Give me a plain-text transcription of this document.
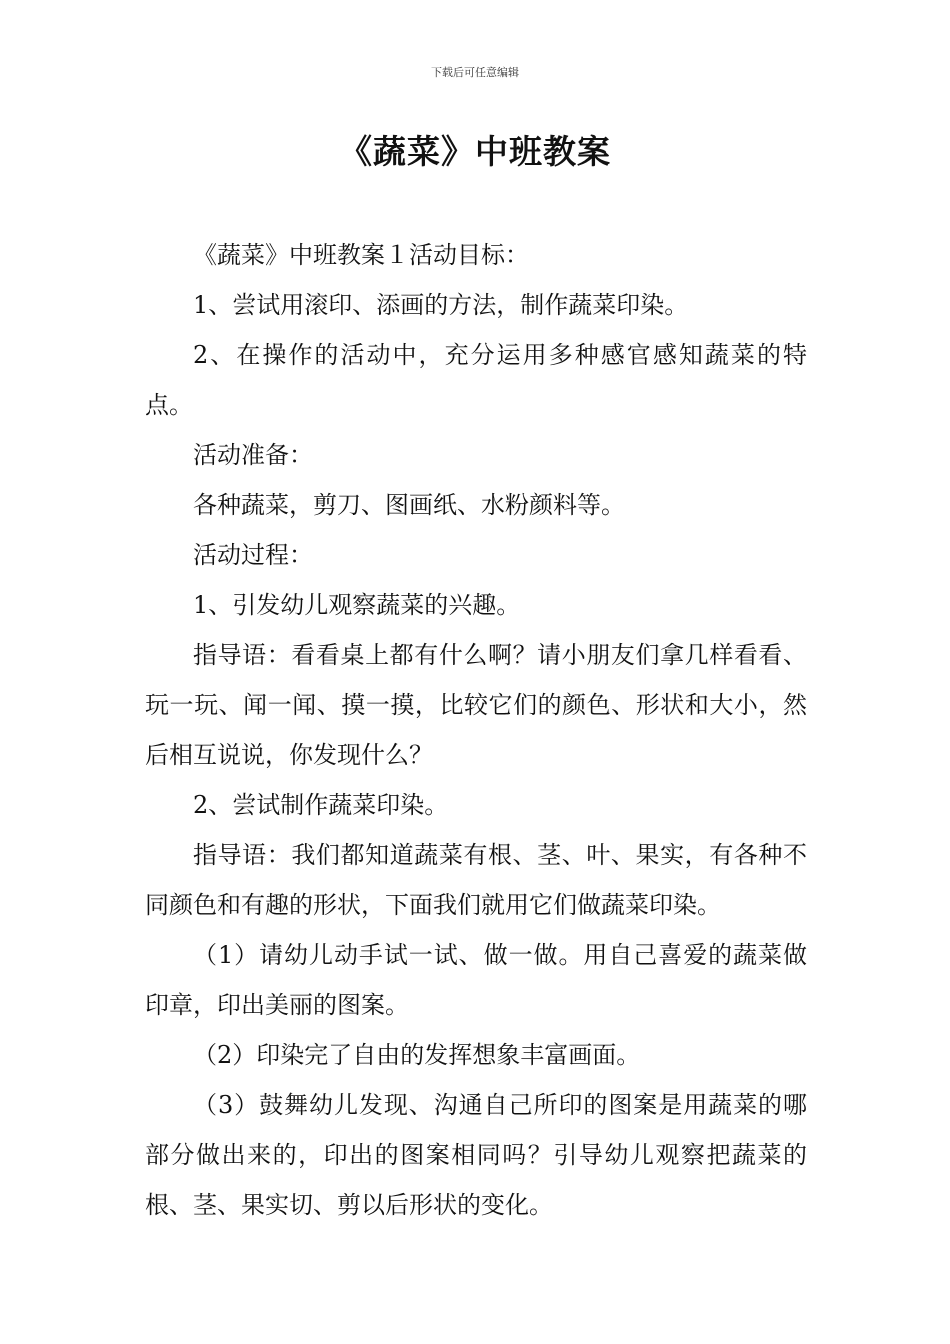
下载后可任意编辑
《蔬菜》中班教案

《蔬菜》中班教案１活动目标：

1、尝试用滚印、添画的方法，制作蔬菜印染。

2、在操作的活动中，充分运用多种感官感知蔬菜的特点。

活动准备：

各种蔬菜，剪刀、图画纸、水粉颜料等。

活动过程：

1、引发幼儿观察蔬菜的兴趣。

指导语：看看桌上都有什么啊？请小朋友们拿几样看看、玩一玩、闻一闻、摸一摸，比较它们的颜色、形状和大小，然后相互说说，你发现什么？

2、尝试制作蔬菜印染。

指导语：我们都知道蔬菜有根、茎、叶、果实，有各种不同颜色和有趣的形状，下面我们就用它们做蔬菜印染。

（1）请幼儿动手试一试、做一做。用自己喜爱的蔬菜做印章，印出美丽的图案。

（2）印染完了自由的发挥想象丰富画面。

（3）鼓舞幼儿发现、沟通自己所印的图案是用蔬菜的哪部分做出来的，印出的图案相同吗？引导幼儿观察把蔬菜的根、茎、果实切、剪以后形状的变化。
